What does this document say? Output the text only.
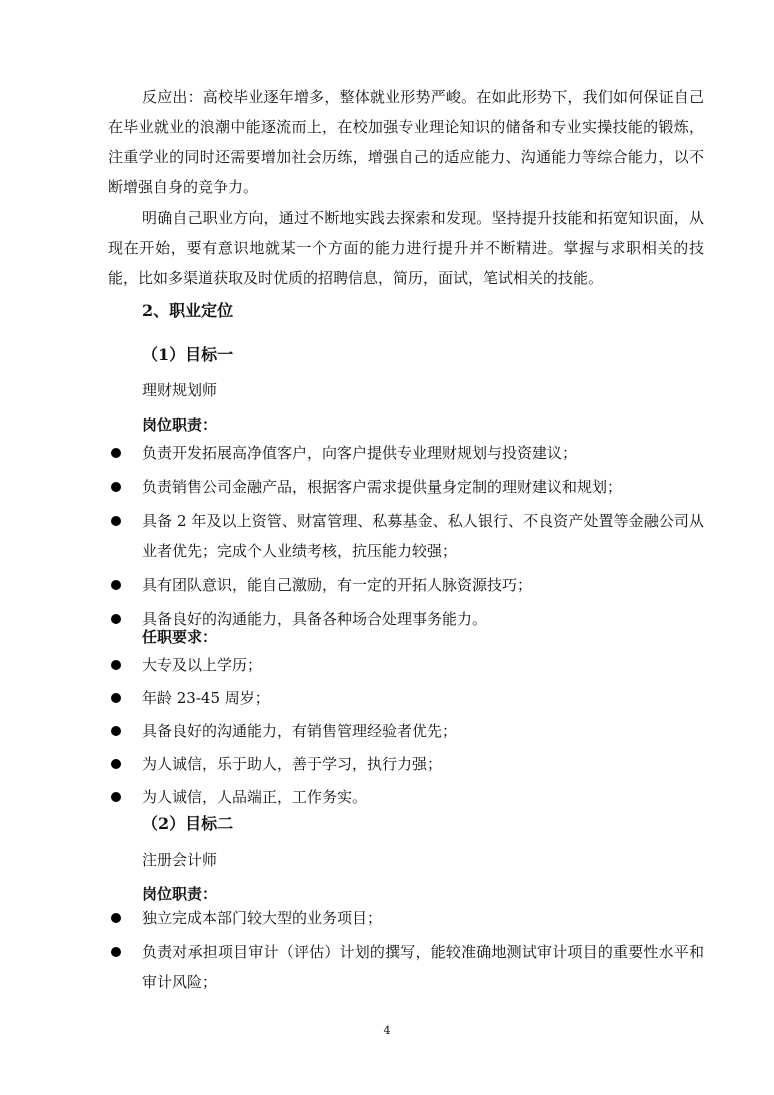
反应出：高校毕业逐年增多，整体就业形势严峻。在如此形势下，我们如何保证自己在毕业就业的浪潮中能逐流而上，在校加强专业理论知识的储备和专业实操技能的锻炼，注重学业的同时还需要增加社会历练，增强自己的适应能力、沟通能力等综合能力，以不断增强自身的竞争力。

明确自己职业方向，通过不断地实践去探索和发现。坚持提升技能和拓宽知识面，从现在开始，要有意识地就某一个方面的能力进行提升并不断精进。掌握与求职相关的技能，比如多渠道获取及时优质的招聘信息，简历，面试，笔试相关的技能。

2、职业定位
（1）目标一

理财规划师

岗位职责：

负责开发拓展高净值客户，向客户提供专业理财规划与投资建议；
负责销售公司金融产品，根据客户需求提供量身定制的理财建议和规划；
具备 2 年及以上资管、财富管理、私募基金、私人银行、不良资产处置等金融公司从业者优先；完成个人业绩考核，抗压能力较强；
具有团队意识，能自己激励，有一定的开拓人脉资源技巧；
具备良好的沟通能力，具备各种场合处理事务能力。

任职要求：

大专及以上学历；
年龄 23-45 周岁；
具备良好的沟通能力，有销售管理经验者优先；
为人诚信，乐于助人，善于学习，执行力强；
为人诚信，人品端正，工作务实。
（2）目标二

注册会计师

岗位职责：

独立完成本部门较大型的业务项目；
负责对承担项目审计（评估）计划的撰写，能较准确地测试审计项目的重要性水平和审计风险；

4
